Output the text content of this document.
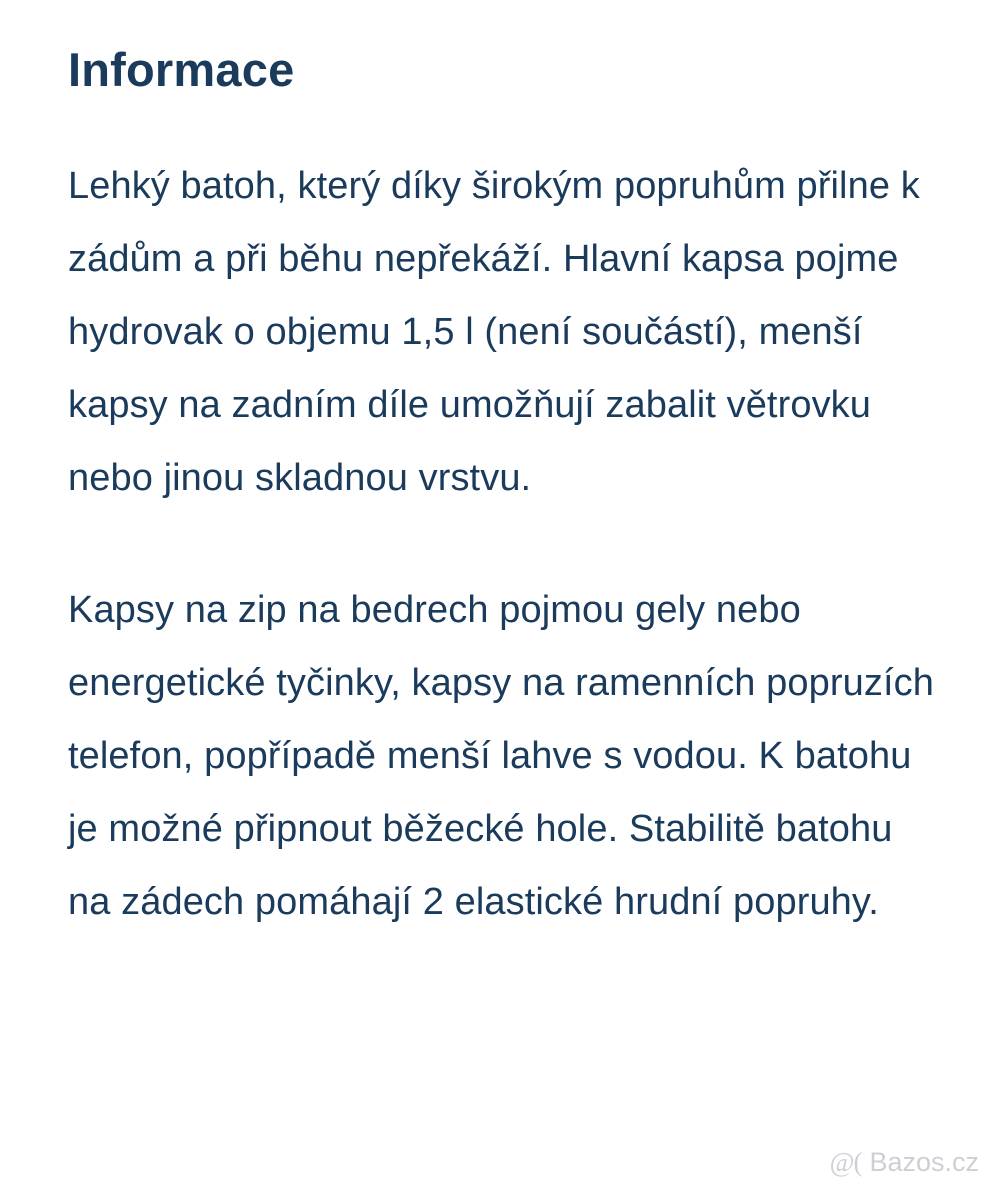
Informace

Lehký batoh, který díky širokým popruhům přilne k zádům a při běhu nepřekáží. Hlavní kapsa pojme hydrovak o objemu 1,5 l (není součástí), menší kapsy na zadním díle umožňují zabalit větrovku nebo jinou skladnou vrstvu.

Kapsy na zip na bedrech pojmou gely nebo energetické tyčinky, kapsy na ramenních popruzích telefon, popřípadě menší lahve s vodou. K batohu je možné připnout běžecké hole. Stabilitě batohu na zádech pomáhají 2 elastické hrudní popruhy.

@( Bazos.cz
